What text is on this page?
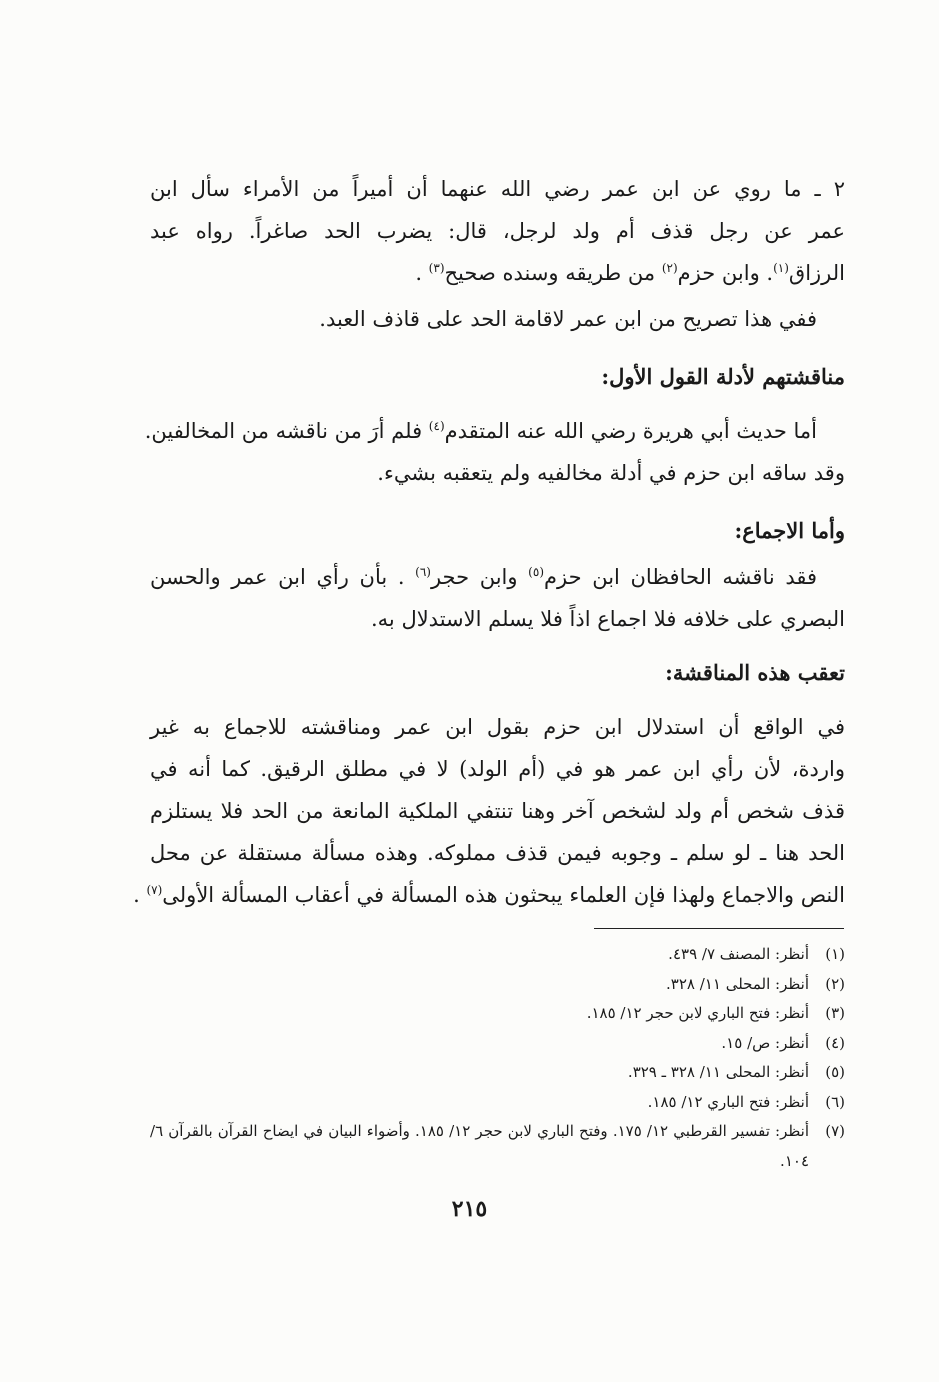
٢ ـ ما روي عن ابن عمر رضي الله عنهما أن أميراً من الأمراء سأل ابن
عمر عن رجل قذف أم ولد لرجل، قال: يضرب الحد صاغراً. رواه عبد
الرزاق$^{(١)}$. وابن حزم$^{(٢)}$ من طريقه وسنده صحيح$^{(٣)}$ .
ففي هذا تصريح من ابن عمر لاقامة الحد على قاذف العبد.
مناقشتهم لأدلة القول الأول:
أما حديث أبي هريرة رضي الله عنه المتقدم$^{(٤)}$ فلم أرَ من ناقشه من المخالفين.
وقد ساقه ابن حزم في أدلة مخالفيه ولم يتعقبه بشيء.
وأما الاجماع:
فقد ناقشه الحافظان ابن حزم$^{(٥)}$ وابن حجر$^{(٦)}$ . بأن رأي ابن عمر والحسن
البصري على خلافه فلا اجماع اذاً فلا يسلم الاستدلال به.
تعقب هذه المناقشة:
في الواقع أن استدلال ابن حزم بقول ابن عمر ومناقشته للاجماع به غير
واردة، لأن رأي ابن عمر هو في (أم الولد) لا في مطلق الرقيق. كما أنه في
قذف شخص أم ولد لشخص آخر وهنا تنتفي الملكية المانعة من الحد فلا يستلزم
الحد هنا ـ لو سلم ـ وجوبه فيمن قذف مملوكه. وهذه مسألة مستقلة عن محل
النص والاجماع ولهذا فإن العلماء يبحثون هذه المسألة في أعقاب المسألة الأولى$^{(٧)}$ .
(١)
أنظر: المصنف ٧/ ٤٣٩.
(٢)
أنظر: المحلى ١١/ ٣٢٨.
(٣)
أنظر: فتح الباري لابن حجر ١٢/ ١٨٥.
(٤)
أنظر: ص/ ١٥.
(٥)
أنظر: المحلى ١١/ ٣٢٨ ـ ٣٢٩.
(٦)
أنظر: فتح الباري ١٢/ ١٨٥.
(٧)
أنظر: تفسير القرطبي ١٢/ ١٧٥. وفتح الباري لابن حجر ١٢/ ١٨٥. وأضواء البيان في ايضاح القرآن بالقرآن ٦/ ١٠٤.
٢١٥
